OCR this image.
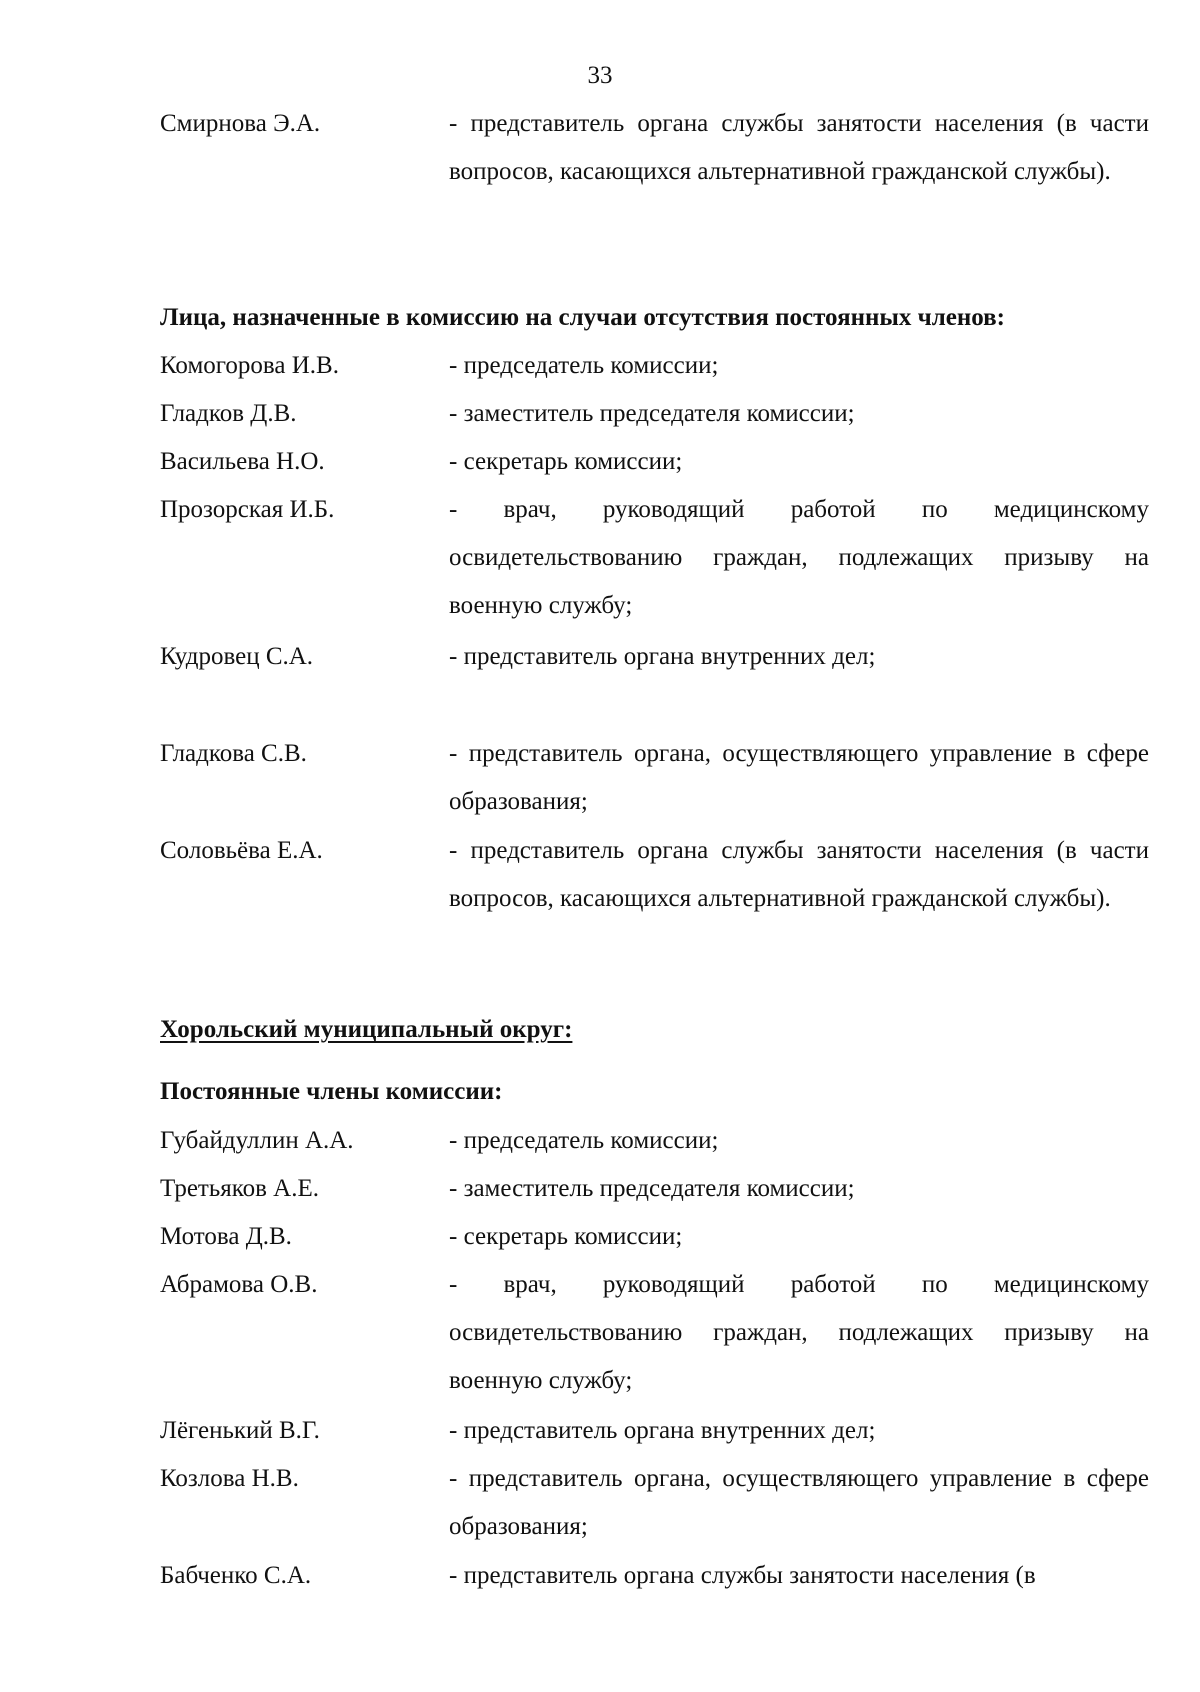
33
Смирнова Э.А.	- представитель органа службы занятости населения (в части вопросов, касающихся альтернативной гражданской службы).
Лица, назначенные в комиссию на случаи отсутствия постоянных членов:
Комогорова И.В.	- председатель комиссии;
Гладков Д.В.	- заместитель председателя комиссии;
Васильева Н.О.	- секретарь комиссии;
Прозорская И.Б.	- врач, руководящий работой по медицинскому освидетельствованию граждан, подлежащих призыву на военную службу;
Кудровец С.А.	- представитель органа внутренних дел;
Гладкова С.В.	- представитель органа, осуществляющего управление в сфере образования;
Соловьёва Е.А.	- представитель органа службы занятости населения (в части вопросов, касающихся альтернативной гражданской службы).
Хорольский муниципальный округ:
Постоянные члены комиссии:
Губайдуллин А.А.	- председатель комиссии;
Третьяков А.Е.	- заместитель председателя комиссии;
Мотова Д.В.	- секретарь комиссии;
Абрамова О.В.	- врач, руководящий работой по медицинскому освидетельствованию граждан, подлежащих призыву на военную службу;
Лёгенький В.Г.	- представитель органа внутренних дел;
Козлова Н.В.	- представитель органа, осуществляющего управление в сфере образования;
Бабченко С.А.	- представитель органа службы занятости населения (в
